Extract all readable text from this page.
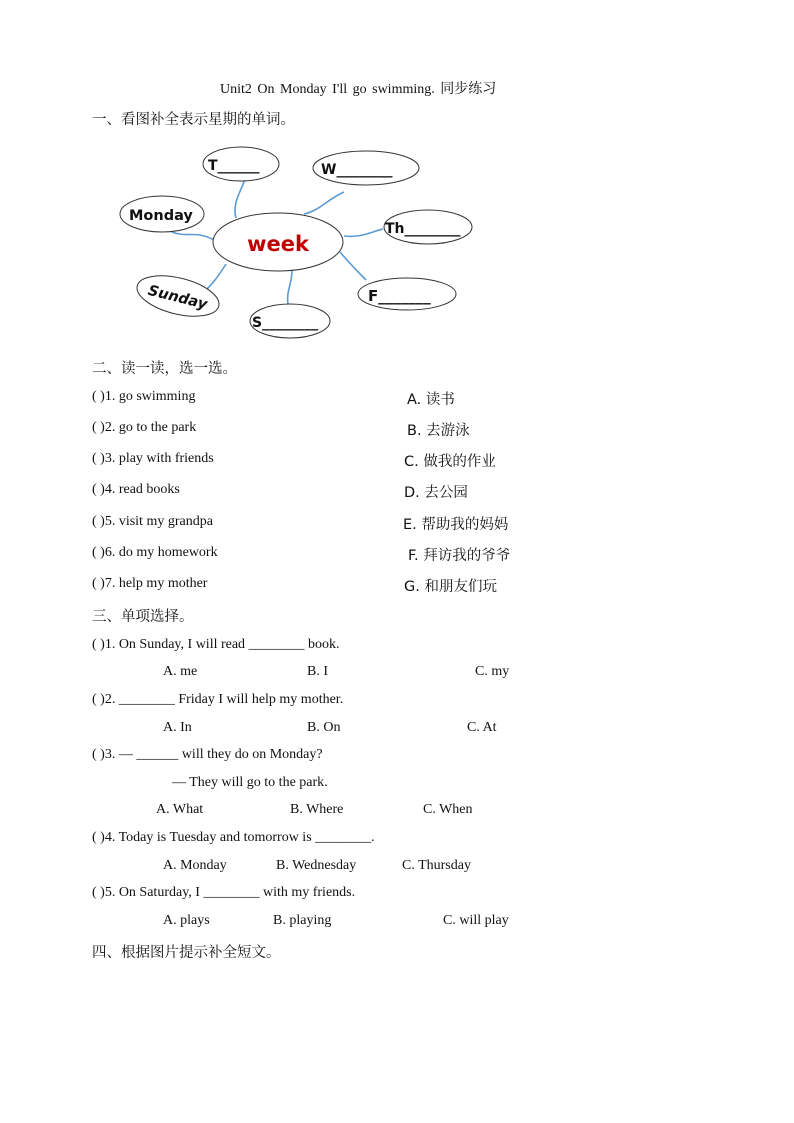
Unit2 On Monday I'll go swimming. 同步练习
一、看图补全表示星期的单词。
week
Monday
T______	W________
Th________
F_______
S________
Sunday
二、读一读，选一选。
( )1. go swimming	A. 读书
( )2. go to the park	B. 去游泳
( )3. play with friends	C. 做我的作业
( )4. read books	D. 去公园
( )5. visit my grandpa	E. 帮助我的妈妈
( )6. do my homework	F. 拜访我的爷爷
( )7. help my mother	G. 和朋友们玩
三、单项选择。
( )1. On Sunday, I will read ________ book.
A. me	B. I	C. my
( )2. ________ Friday I will help my mother.
A. In	B. On	C. At
( )3. — ______ will they do on Monday?
— They will go to the park.
A. What	B. Where	C. When
( )4. Today is Tuesday and tomorrow is ________.
A. Monday	B. Wednesday	C. Thursday
( )5. On Saturday, I ________ with my friends.
A. plays	B. playing	C. will play
四、根据图片提示补全短文。
